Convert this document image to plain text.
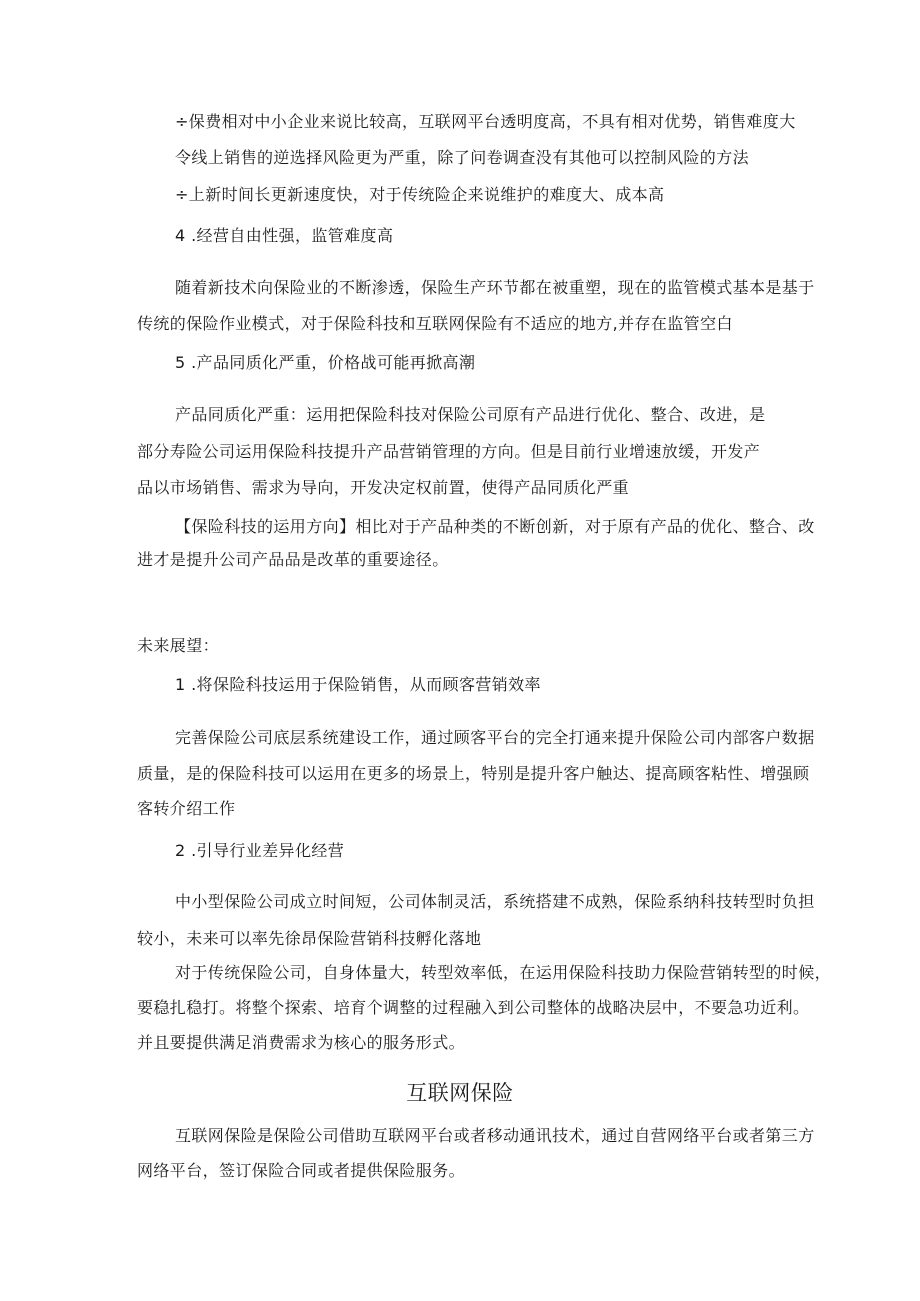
÷保费相对中小企业来说比较高，互联网平台透明度高，不具有相对优势，销售难度大

令线上销售的逆选择风险更为严重，除了问卷调查没有其他可以控制风险的方法

÷上新时间长更新速度快，对于传统险企来说维护的难度大、成本高

4 .经营自由性强，监管难度高

随着新技术向保险业的不断渗透，保险生产环节都在被重塑，现在的监管模式基本是基于

传统的保险作业模式，对于保险科技和互联网保险有不适应的地方,并存在监管空白

5 .产品同质化严重，价格战可能再掀高潮

产品同质化严重：运用把保险科技对保险公司原有产品进行优化、整合、改进，是

部分寿险公司运用保险科技提升产品营销管理的方向。但是目前行业增速放缓，开发产

品以市场销售、需求为导向，开发决定权前置，使得产品同质化严重

【保险科技的运用方向】相比对于产品种类的不断创新，对于原有产品的优化、整合、改

进才是提升公司产品品是改革的重要途径。

未来展望：

1 .将保险科技运用于保险销售，从而顾客营销效率

完善保险公司底层系统建设工作，通过顾客平台的完全打通来提升保险公司内部客户数据

质量，是的保险科技可以运用在更多的场景上，特别是提升客户触达、提高顾客粘性、增强顾

客转介绍工作

2 .引导行业差异化经营

中小型保险公司成立时间短，公司体制灵活，系统搭建不成熟，保险系纳科技转型时负担

较小，未来可以率先徐昂保险营销科技孵化落地

对于传统保险公司，自身体量大，转型效率低，在运用保险科技助力保险营销转型的时候，

要稳扎稳打。将整个探索、培育个调整的过程融入到公司整体的战略决层中，不要急功近利。

并且要提供满足消费需求为核心的服务形式。

互联网保险

互联网保险是保险公司借助互联网平台或者移动通讯技术，通过自营网络平台或者第三方

网络平台，签订保险合同或者提供保险服务。
